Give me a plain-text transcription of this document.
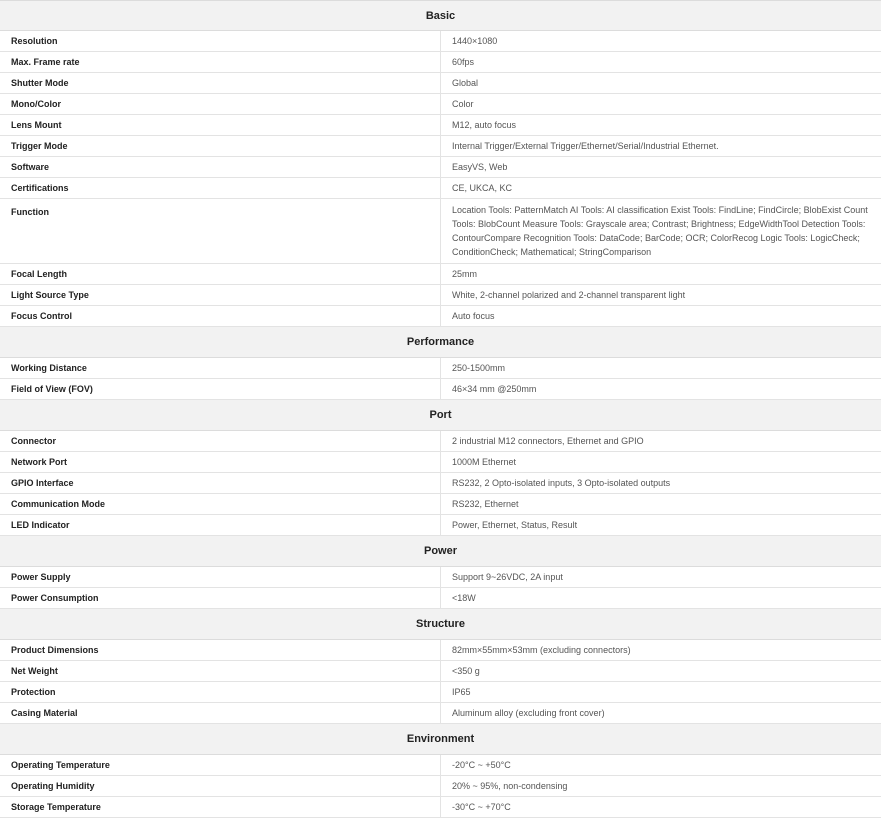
Basic	
Resolution	1440×1080
Max. Frame rate	60fps
Shutter Mode	Global
Mono/Color	Color
Lens Mount	M12, auto focus
Trigger Mode	Internal Trigger/External Trigger/Ethernet/Serial/Industrial Ethernet.
Software	EasyVS, Web
Certifications	CE, UKCA, KC
Function	Location Tools: PatternMatch AI Tools: AI classification Exist Tools: FindLine; FindCircle; BlobExist Count Tools: BlobCount Measure Tools: Grayscale area; Contrast; Brightness; EdgeWidthTool Detection Tools: ContourCompare Recognition Tools: DataCode; BarCode; OCR; ColorRecog Logic Tools: LogicCheck; ConditionCheck; Mathematical; StringComparison
Focal Length	25mm
Light Source Type	White, 2-channel polarized and 2-channel transparent light
Focus Control	Auto focus
Performance	
Working Distance	250-1500mm
Field of View (FOV)	46×34 mm @250mm
Port	
Connector	2 industrial M12 connectors, Ethernet and GPIO
Network Port	1000M Ethernet
GPIO Interface	RS232, 2 Opto-isolated inputs, 3 Opto-isolated outputs
Communication Mode	RS232, Ethernet
LED Indicator	Power, Ethernet, Status, Result
Power	
Power Supply	Support 9~26VDC, 2A input
Power Consumption	<18W
Structure	
Product Dimensions	82mm×55mm×53mm (excluding connectors)
Net Weight	<350 g
Protection	IP65
Casing Material	Aluminum alloy (excluding front cover)
Environment	
Operating Temperature	-20°C ~ +50°C
Operating Humidity	20% ~ 95%, non-condensing
Storage Temperature	-30°C ~ +70°C
